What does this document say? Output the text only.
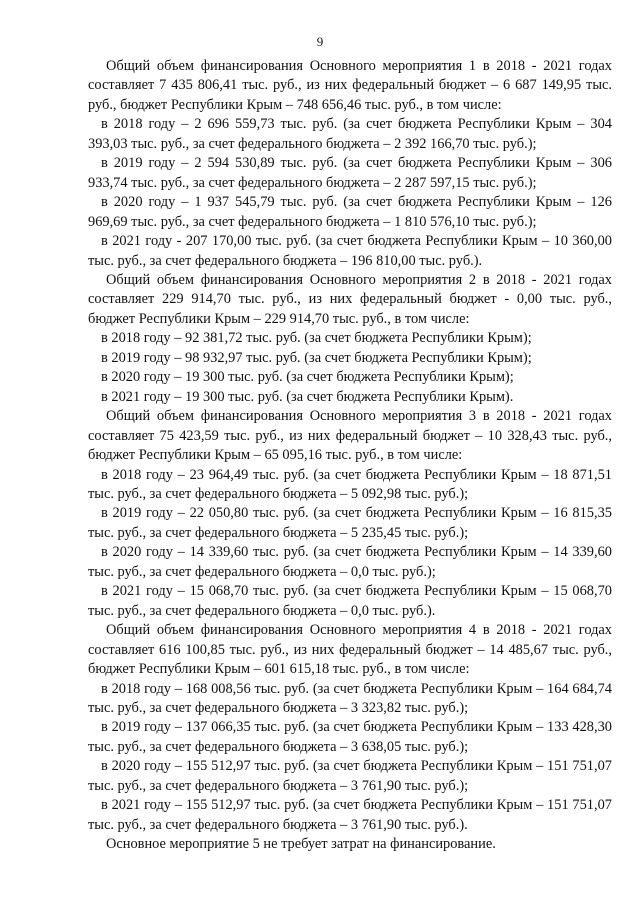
9

Общий объем финансирования Основного мероприятия 1 в 2018 - 2021 годах составляет 7 435 806,41 тыс. руб., из них федеральный бюджет – 6 687 149,95 тыс. руб., бюджет Республики Крым – 748 656,46 тыс. руб., в том числе:

в 2018 году – 2 696 559,73 тыс. руб. (за счет бюджета Республики Крым – 304 393,03 тыс. руб., за счет федерального бюджета – 2 392 166,70 тыс. руб.);

в 2019 году – 2 594 530,89 тыс. руб. (за счет бюджета Республики Крым – 306 933,74 тыс. руб., за счет федерального бюджета – 2 287 597,15 тыс. руб.);

в 2020 году – 1 937 545,79 тыс. руб. (за счет бюджета Республики Крым – 126 969,69 тыс. руб., за счет федерального бюджета – 1 810 576,10 тыс. руб.);

в 2021 году - 207 170,00 тыс. руб. (за счет бюджета Республики Крым – 10 360,00 тыс. руб., за счет федерального бюджета – 196 810,00 тыс. руб.).

Общий объем финансирования Основного мероприятия 2 в 2018 - 2021 годах составляет 229 914,70 тыс. руб., из них федеральный бюджет - 0,00 тыс. руб., бюджет Республики Крым – 229 914,70 тыс. руб., в том числе:

в 2018 году – 92 381,72 тыс. руб. (за счет бюджета Республики Крым);

в 2019 году – 98 932,97 тыс. руб. (за счет бюджета Республики Крым);

в 2020 году – 19 300 тыс. руб. (за счет бюджета Республики Крым);

в 2021 году – 19 300 тыс. руб. (за счет бюджета Республики Крым).

Общий объем финансирования Основного мероприятия 3 в 2018 - 2021 годах составляет 75 423,59 тыс. руб., из них федеральный бюджет – 10 328,43 тыс. руб., бюджет Республики Крым – 65 095,16 тыс. руб., в том числе:

в 2018 году – 23 964,49 тыс. руб. (за счет бюджета Республики Крым – 18 871,51 тыс. руб., за счет федерального бюджета – 5 092,98 тыс. руб.);

в 2019 году – 22 050,80 тыс. руб. (за счет бюджета Республики Крым – 16 815,35 тыс. руб., за счет федерального бюджета – 5 235,45 тыс. руб.);

в 2020 году – 14 339,60 тыс. руб. (за счет бюджета Республики Крым – 14 339,60 тыс. руб., за счет федерального бюджета – 0,0 тыс. руб.);

в 2021 году – 15 068,70 тыс. руб. (за счет бюджета Республики Крым – 15 068,70 тыс. руб., за счет федерального бюджета – 0,0 тыс. руб.).

Общий объем финансирования Основного мероприятия 4 в 2018 - 2021 годах составляет 616 100,85 тыс. руб., из них федеральный бюджет – 14 485,67 тыс. руб., бюджет Республики Крым – 601 615,18 тыс. руб., в том числе:

в 2018 году – 168 008,56 тыс. руб. (за счет бюджета Республики Крым – 164 684,74 тыс. руб., за счет федерального бюджета – 3 323,82 тыс. руб.);

в 2019 году – 137 066,35 тыс. руб. (за счет бюджета Республики Крым – 133 428,30 тыс. руб., за счет федерального бюджета – 3 638,05 тыс. руб.);

в 2020 году – 155 512,97 тыс. руб. (за счет бюджета Республики Крым – 151 751,07 тыс. руб., за счет федерального бюджета – 3 761,90 тыс. руб.);

в 2021 году – 155 512,97 тыс. руб. (за счет бюджета Республики Крым – 151 751,07 тыс. руб., за счет федерального бюджета – 3 761,90 тыс. руб.).

Основное мероприятие 5 не требует затрат на финансирование.
